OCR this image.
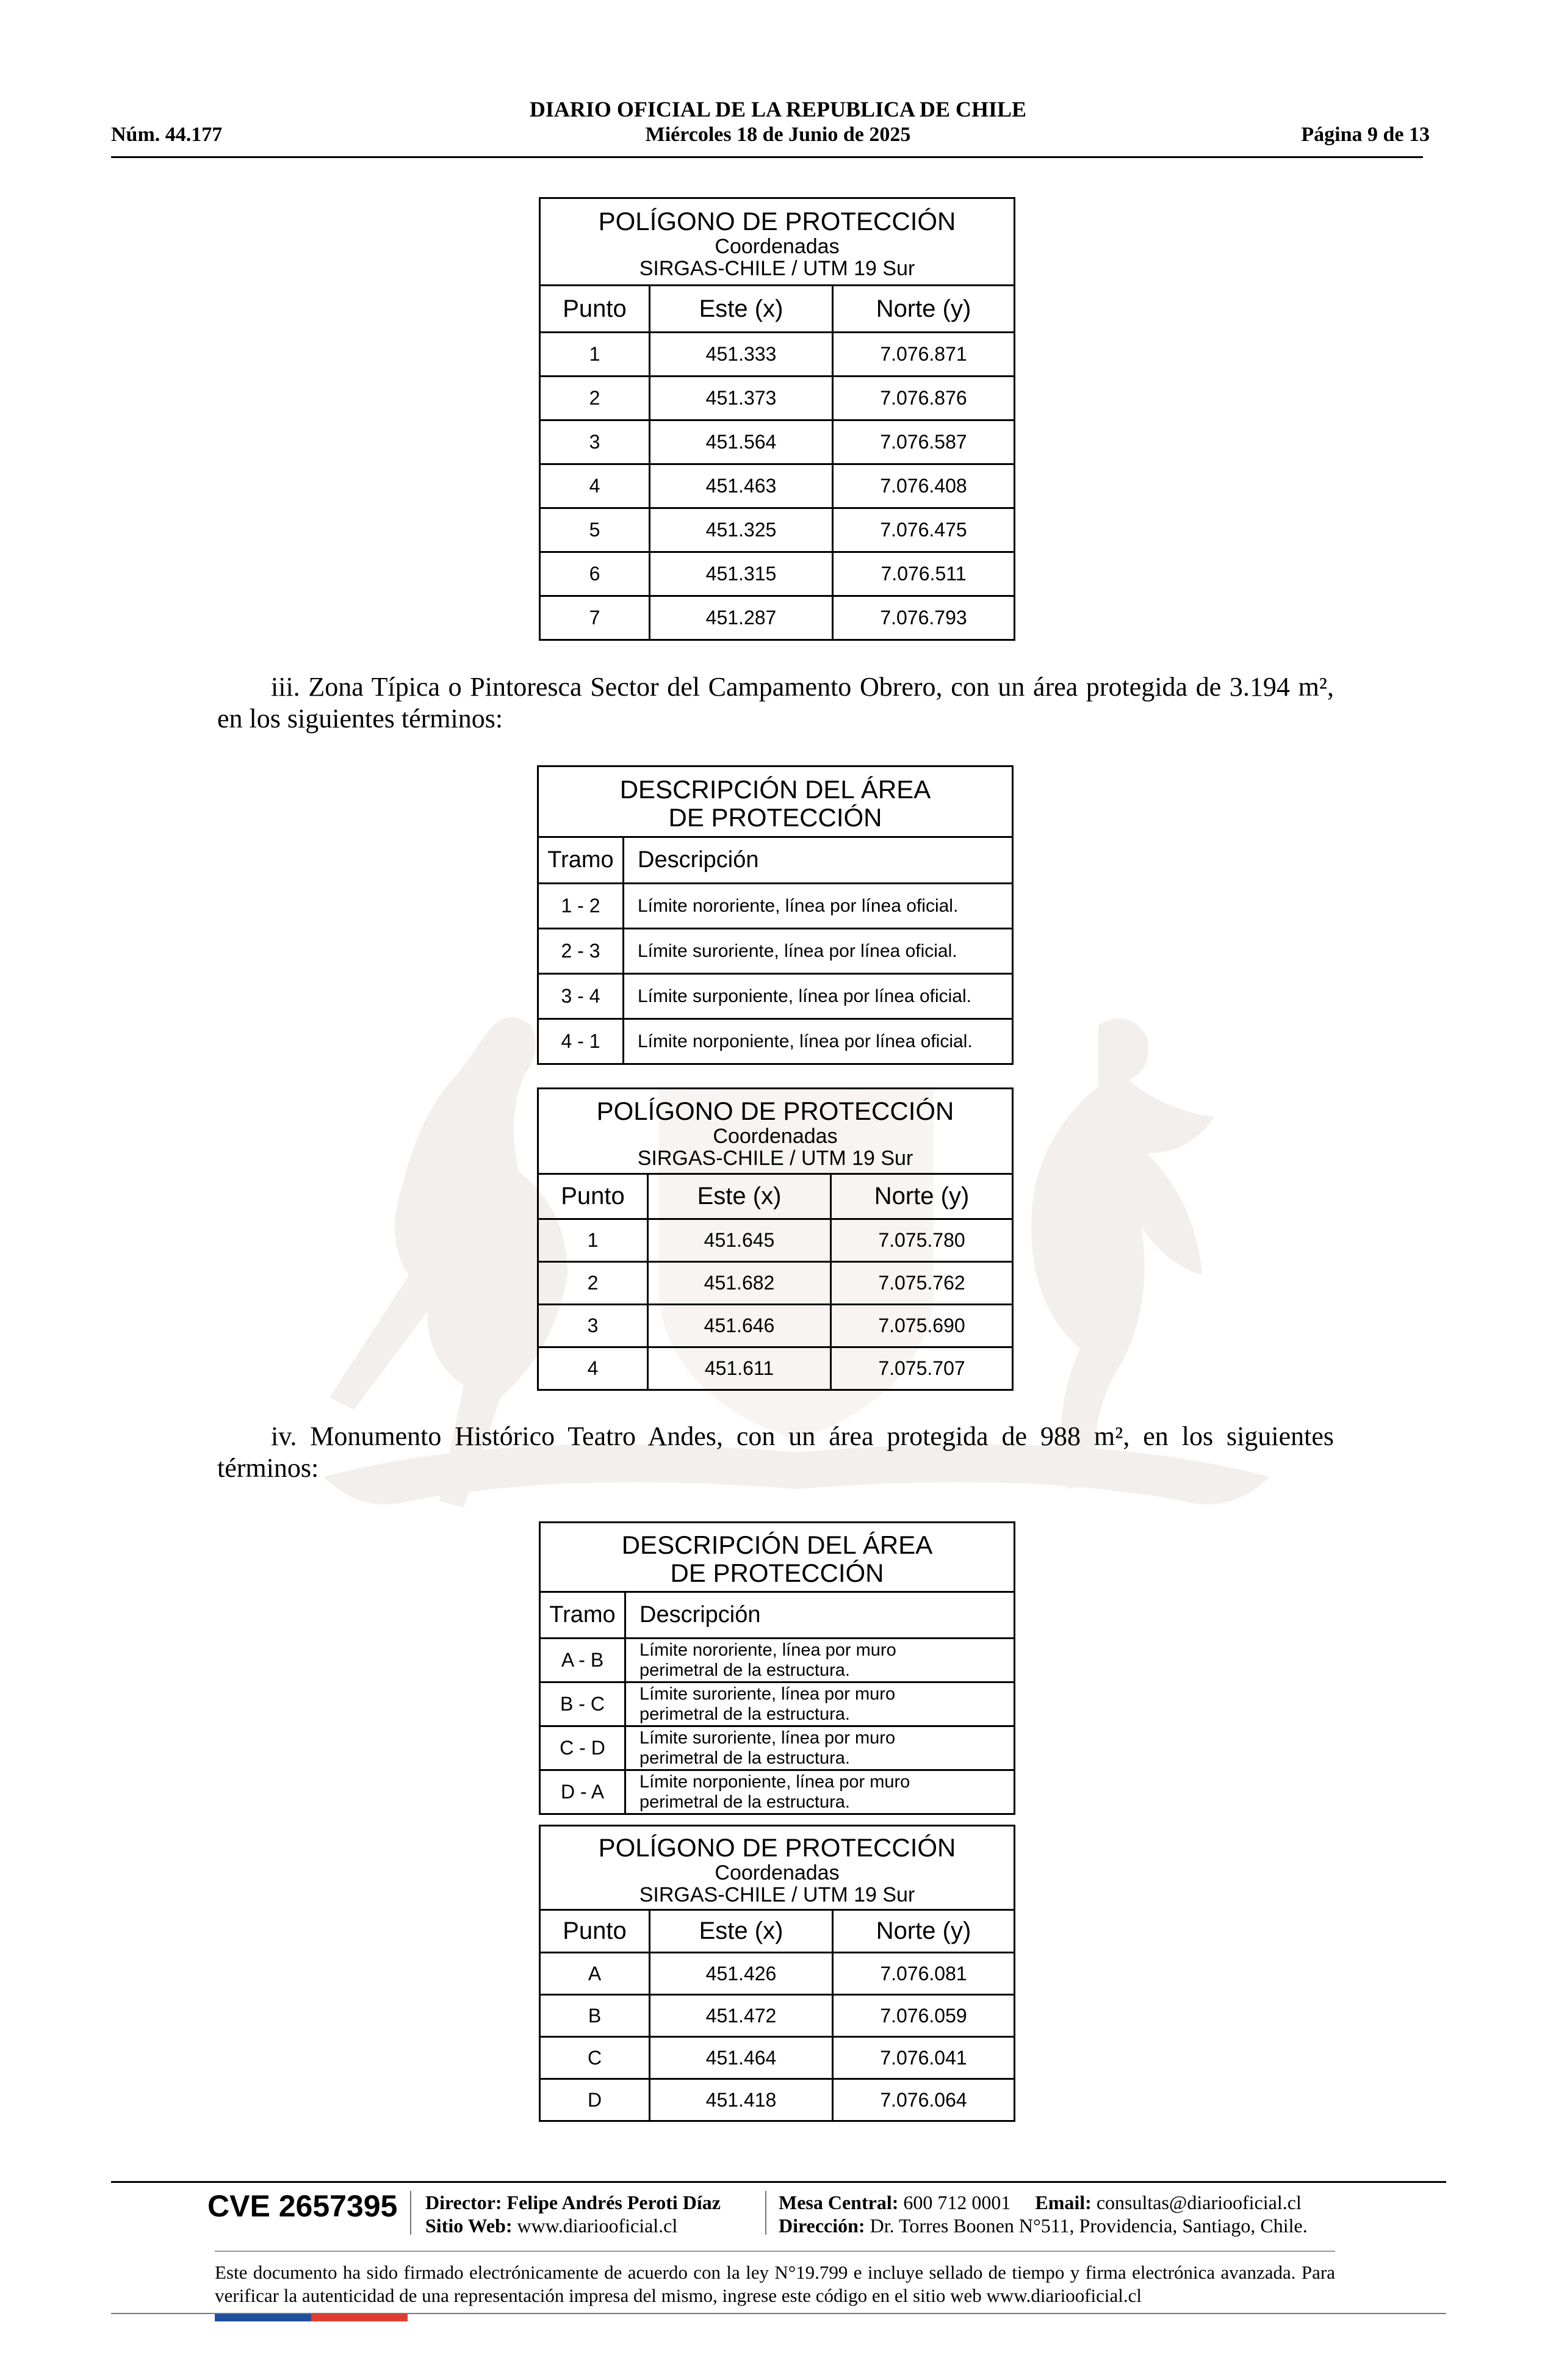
DIARIO OFICIAL DE LA REPUBLICA DE CHILE
Núm. 44.177	Miércoles 18 de Junio de 2025	Página 9 de 13
POLÍGONO DE PROTECCIÓN
Coordenadas
SIRGAS-CHILE / UTM 19 Sur		

Punto	Este (x)	Norte (y)
1	451.333	7.076.871
2	451.373	7.076.876
3	451.564	7.076.587
4	451.463	7.076.408
5	451.325	7.076.475
6	451.315	7.076.511
7	451.287	7.076.793
iii. Zona Típica o Pintoresca Sector del Campamento Obrero, con un área protegida de 3.194 m², en los siguientes términos:
DESCRIPCIÓN DEL ÁREA
DE PROTECCIÓN	

Tramo	Descripción
1 - 2	Límite nororiente, línea por línea oficial.
2 - 3	Límite suroriente, línea por línea oficial.
3 - 4	Límite surponiente, línea por línea oficial.
4 - 1	Límite norponiente, línea por línea oficial.
POLÍGONO DE PROTECCIÓN
Coordenadas
SIRGAS-CHILE / UTM 19 Sur		

Punto	Este (x)	Norte (y)
1	451.645	7.075.780
2	451.682	7.075.762
3	451.646	7.075.690
4	451.611	7.075.707
iv. Monumento Histórico Teatro Andes, con un área protegida de 988 m², en los siguientes términos:
DESCRIPCIÓN DEL ÁREA
DE PROTECCIÓN	

Tramo	Descripción
A - B	Límite nororiente, línea por muro
perimetral de la estructura.

B - C	Límite suroriente, línea por muro
perimetral de la estructura.

C - D	Límite suroriente, línea por muro
perimetral de la estructura.

D - A	Límite norponiente, línea por muro
perimetral de la estructura.
POLÍGONO DE PROTECCIÓN
Coordenadas
SIRGAS-CHILE / UTM 19 Sur		

Punto	Este (x)	Norte (y)
A	451.426	7.076.081
B	451.472	7.076.059
C	451.464	7.076.041
D	451.418	7.076.064
CVE 2657395 Director: Felipe Andrés Peroti Díaz
Sitio Web: www.diariooficial.cl
Mesa Central: 600 712 0001 Email: consultas@diariooficial.cl
Dirección: Dr. Torres Boonen N°511, Providencia, Santiago, Chile.
Este documento ha sido firmado electrónicamente de acuerdo con la ley N°19.799 e incluye sellado de tiempo y firma electrónica avanzada. Para verificar la autenticidad de una representación impresa del mismo, ingrese este código en el sitio web www.diariooficial.cl
